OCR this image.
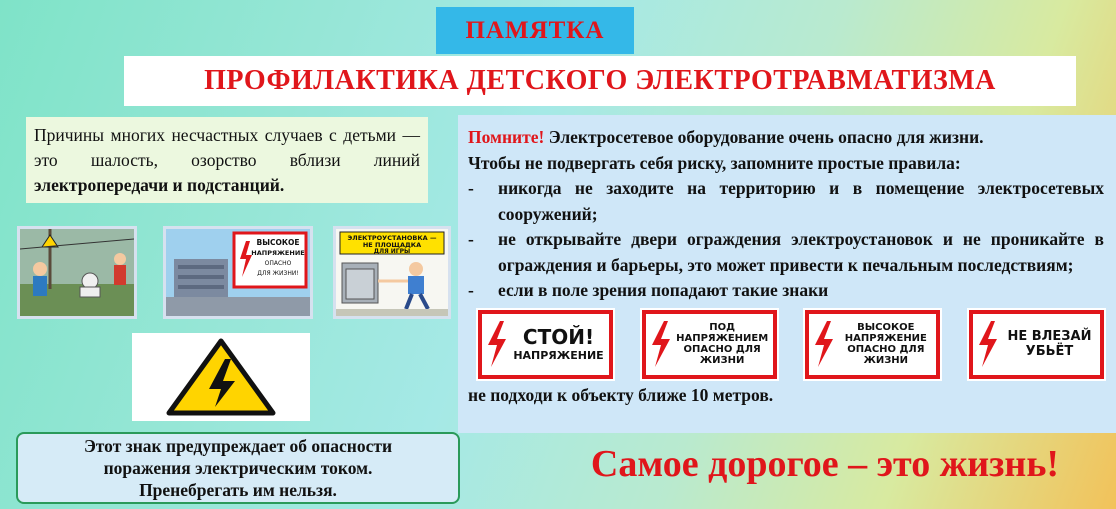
ПАМЯТКА
ПРОФИЛАКТИКА ДЕТСКОГО ЭЛЕКТРОТРАВМАТИЗМА
Причины многих несчастных случаев с детьми — это шалость, озорство вблизи линий электропередачи и подстанций.
ВЫСОКОЕ
НАПРЯЖЕНИЕ
ОПАСНО
ДЛЯ ЖИЗНИ!
ЭЛЕКТРОУСТАНОВКА —
НЕ ПЛОЩАДКА
ДЛЯ ИГРЫ
Этот знак предупреждает об опасности
поражения электрическим током.
Пренебрегать им нельзя.
Помните! Электросетевое оборудование очень опасно для жизни.
Чтобы не подвергать себя риску, запомните простые правила:
-	никогда не заходите на территорию и в помещение электросетевых сооружений;
-	не открывайте двери ограждения электроустановок и не проникайте в ограждения и барьеры, это может привести к печальным последствиям;
-	если в поле зрения попадают такие знаки
СТОЙ!
НАПРЯЖЕНИЕ
ПОД
НАПРЯЖЕНИЕМ
ОПАСНО ДЛЯ
ЖИЗНИ
ВЫСОКОЕ
НАПРЯЖЕНИЕ
ОПАСНО ДЛЯ
ЖИЗНИ
НЕ ВЛЕЗАЙ
УБЬЁТ
не подходи к объекту ближе 10 метров.
Самое дорогое – это жизнь!
